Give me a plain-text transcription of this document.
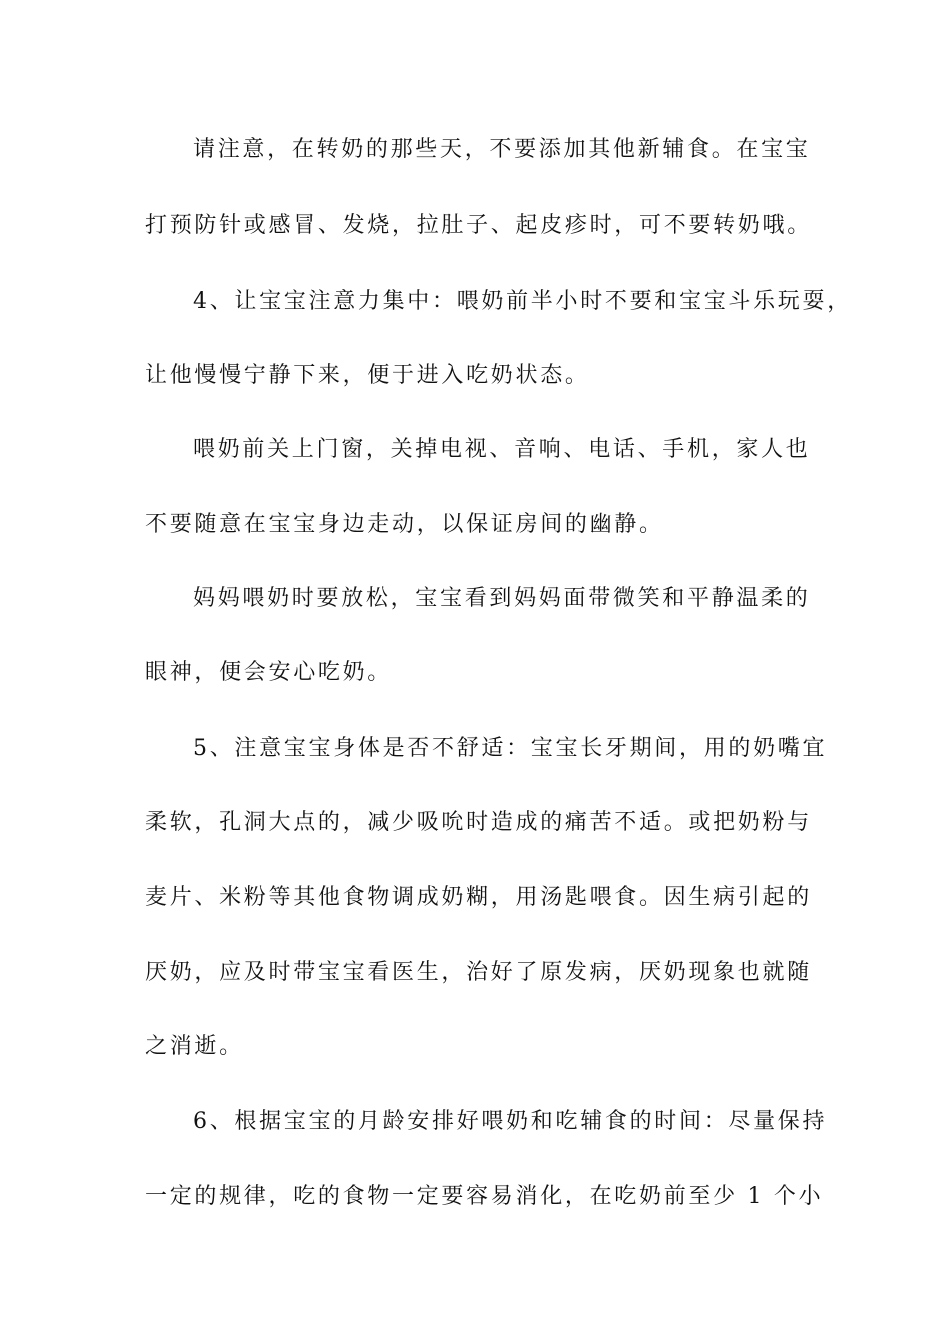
请注意，在转奶的那些天，不要添加其他新辅食。在宝宝
打预防针或感冒、发烧，拉肚子、起皮疹时，可不要转奶哦。
4、让宝宝注意力集中：喂奶前半小时不要和宝宝斗乐玩耍，
让他慢慢宁静下来，便于进入吃奶状态。
喂奶前关上门窗，关掉电视、音响、电话、手机，家人也
不要随意在宝宝身边走动，以保证房间的幽静。
妈妈喂奶时要放松，宝宝看到妈妈面带微笑和平静温柔的
眼神，便会安心吃奶。
5、注意宝宝身体是否不舒适：宝宝长牙期间，用的奶嘴宜
柔软，孔洞大点的，减少吸吮时造成的痛苦不适。或把奶粉与
麦片、米粉等其他食物调成奶糊，用汤匙喂食。因生病引起的
厌奶，应及时带宝宝看医生，治好了原发病，厌奶现象也就随
之消逝。
6、根据宝宝的月龄安排好喂奶和吃辅食的时间：尽量保持
一定的规律，吃的食物一定要容易消化，在吃奶前至少 1 个小
